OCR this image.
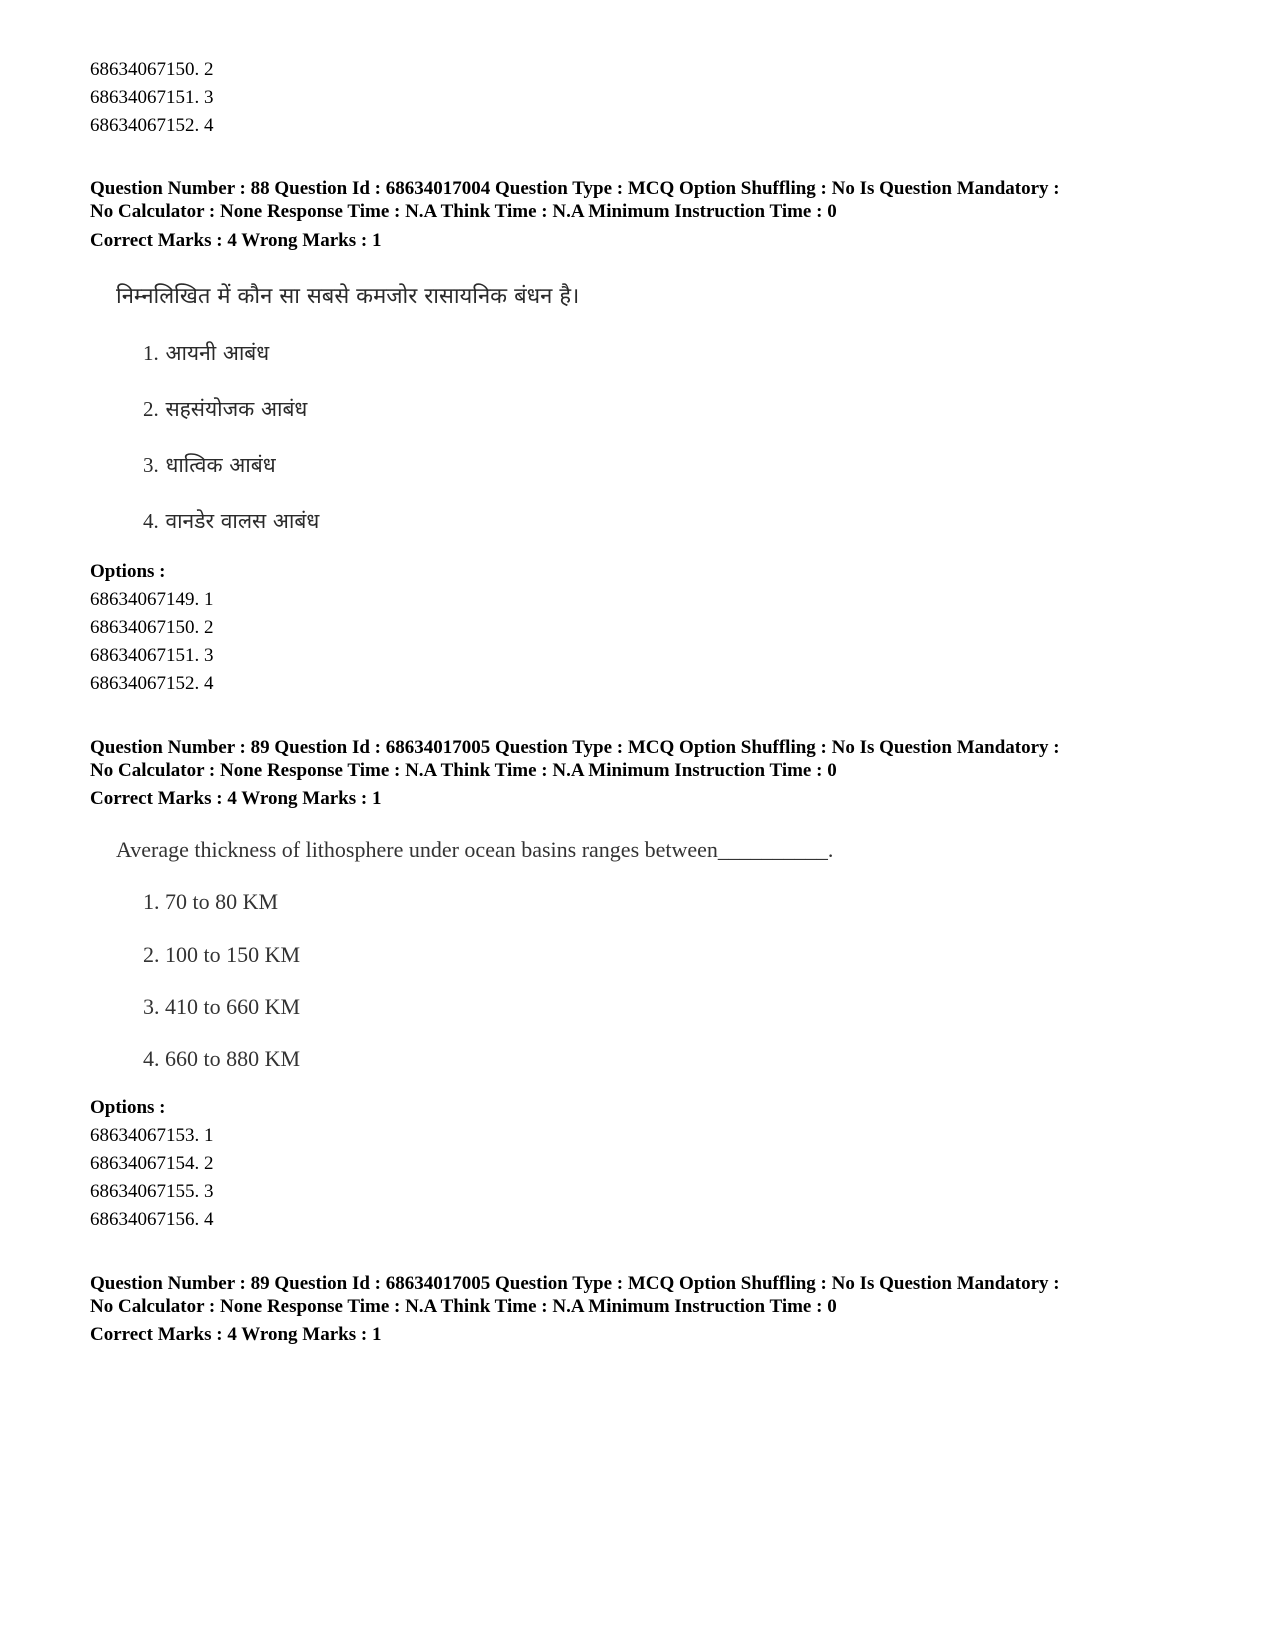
68634067150. 2
68634067151. 3
68634067152. 4
Question Number : 88 Question Id : 68634017004 Question Type : MCQ Option Shuffling : No Is Question Mandatory :
No Calculator : None Response Time : N.A Think Time : N.A Minimum Instruction Time : 0
Correct Marks : 4 Wrong Marks : 1
निम्नलिखित में कौन सा सबसे कमजोर रासायनिक बंधन है।
1. आयनी आबंध
2. सहसंयोजक आबंध
3. धात्विक आबंध
4. वानडेर वालस आबंध
Options :
68634067149. 1
68634067150. 2
68634067151. 3
68634067152. 4
Question Number : 89 Question Id : 68634017005 Question Type : MCQ Option Shuffling : No Is Question Mandatory :
No Calculator : None Response Time : N.A Think Time : N.A Minimum Instruction Time : 0
Correct Marks : 4 Wrong Marks : 1
Average thickness of lithosphere under ocean basins ranges between__________.
1. 70 to 80 KM
2. 100 to 150 KM
3. 410 to 660 KM
4. 660 to 880 KM
Options :
68634067153. 1
68634067154. 2
68634067155. 3
68634067156. 4
Question Number : 89 Question Id : 68634017005 Question Type : MCQ Option Shuffling : No Is Question Mandatory :
No Calculator : None Response Time : N.A Think Time : N.A Minimum Instruction Time : 0
Correct Marks : 4 Wrong Marks : 1
